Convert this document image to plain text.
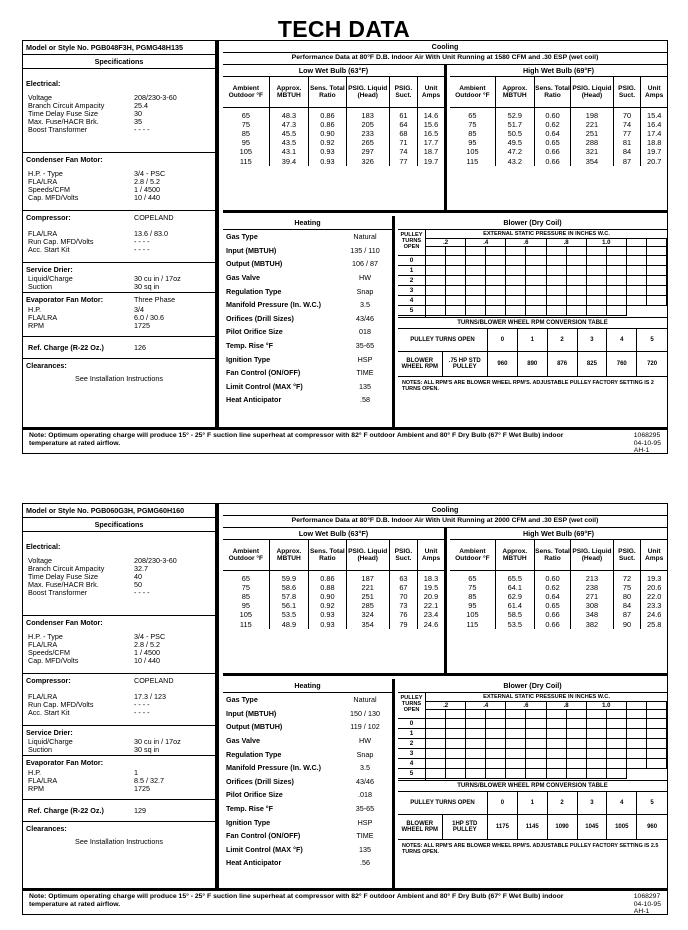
TECH DATA
Model or Style No. PGB048F3H, PGMG48H135
Specifications
Electrical:
Voltage	208/230-3-60
Branch Circuit Ampacity	25.4
Time Delay Fuse Size	30
Max. Fuse/HACR Brk.	35
Boost Transformer	- - - -
Condenser Fan Motor:
H.P. - Type	3/4 - PSC
FLA/LRA	2.8 / 5.2
Speeds/CFM	1 / 4500
Cap. MFD/Volts	10 / 440
Compressor:	COPELAND
FLA/LRA	13.6 / 83.0
Run Cap. MFD/Volts	- - - -
Acc. Start Kit	- - - -
Service Drier:
Liquid/Charge	30 cu in / 17oz
Suction	30 sq in
Evaporator Fan Motor:	Three Phase
H.P.	3/4
FLA/LRA	6.0 / 30.6
RPM	1725
Ref. Charge (R-22 Oz.)	126
Clearances:
See Installation Instructions
Cooling
Performance Data at 80°F D.B. Indoor Air With Unit Running at 1580 CFM and .30 ESP (wet coil)
Low Wet Bulb (63°F)
Ambient Outdoor °F	Approx. MBTUH	Sens. Total Ratio	PSIG. Liquid (Head)	PSIG. Suct.	Unit Amps
65	48.3	0.86	183	61	14.6
75	47.3	0.86	205	64	15.6
85	45.5	0.90	233	68	16.5
95	43.5	0.92	265	71	17.7
105	43.1	0.93	297	74	18.7
115	39.4	0.93	326	77	19.7
High Wet Bulb (69°F)
Ambient Outdoor °F	Approx. MBTUH	Sens. Total Ratio	PSIG. Liquid (Head)	PSIG. Suct.	Unit Amps
65	52.9	0.60	198	70	15.4
75	51.7	0.62	221	74	16.4
85	50.5	0.64	251	77	17.4
95	49.5	0.65	288	81	18.8
105	47.2	0.66	321	84	19.7
115	43.2	0.66	354	87	20.7
Heating
Gas Type	Natural
Input (MBTUH)	135 / 110
Output (MBTUH)	106 / 87
Gas Valve	HW
Regulation Type	Snap
Manifold Pressure (In. W.C.)	3.5
Orifices (Drill Sizes)	43/46
Pilot Orifice Size	018
Temp. Rise °F	35-65
Ignition Type	HSP
Fan Control (ON/OFF)	TIME
Limit Control (MAX °F)	135
Heat Anticipator	.58
Blower (Dry Coil)
PULLEY TURNS OPEN
0
1
2
3
4
5
EXTERNAL STATIC PRESSURE IN INCHES W.C.
.2	.4	.6	.8	1.0
TURNS/BLOWER WHEEL RPM CONVERSION TABLE
PULLEY TURNS OPEN	0	1	2	3	4	5
BLOWER WHEEL RPM
.75 HP STD PULLEY
960	890	876	825	760	720
NOTES: ALL RPM'S ARE BLOWER WHEEL RPM'S. ADJUSTABLE PULLEY FACTORY SETTING IS 2 TURNS OPEN.
Note: Optimum operating charge will produce 15° - 25° F suction line superheat at compressor with 82° F outdoor Ambient and 80° F Dry Bulb (67° F Wet Bulb) indoor temperature at rated airflow.
1068295
04-10-95
AH-1
Model or Style No. PGB060G3H, PGMG60H160
Specifications
Electrical:
Voltage	208/230-3-60
Branch Circuit Ampacity	32.7
Time Delay Fuse Size	40
Max. Fuse/HACR Brk.	50
Boost Transformer	- - - -
Condenser Fan Motor:
H.P. - Type	3/4 - PSC
FLA/LRA	2.8 / 5.2
Speeds/CFM	1 / 4500
Cap. MFD/Volts	10 / 440
Compressor:	COPELAND
FLA/LRA	17.3 / 123
Run Cap. MFD/Volts	- - - -
Acc. Start Kit	- - - -
Service Drier:
Liquid/Charge	30 cu in / 17oz
Suction	30 sq in
Evaporator Fan Motor:
H.P.	1
FLA/LRA	8.5 / 32.7
RPM	1725
Ref. Charge (R-22 Oz.)	129
Clearances:
See Installation Instructions
Cooling
Performance Data at 80°F D.B. Indoor Air With Unit Running at 2000 CFM and .30 ESP (wet coil)
Low Wet Bulb (63°F)
Ambient Outdoor °F	Approx. MBTUH	Sens. Total Ratio	PSIG. Liquid (Head)	PSIG. Suct.	Unit Amps
65	59.9	0.86	187	63	18.3
75	58.6	0.88	221	67	19.5
85	57.8	0.90	251	70	20.9
95	56.1	0.92	285	73	22.1
105	53.5	0.93	324	76	23.4
115	48.9	0.93	354	79	24.6
High Wet Bulb (69°F)
Ambient Outdoor °F	Approx. MBTUH	Sens. Total Ratio	PSIG. Liquid (Head)	PSIG. Suct.	Unit Amps
65	65.5	0.60	213	72	19.3
75	64.1	0.62	238	75	20.6
85	62.9	0.64	271	80	22.0
95	61.4	0.65	308	84	23.3
105	58.5	0.66	348	87	24.6
115	53.5	0.66	382	90	25.8
Heating
Gas Type	Natural
Input (MBTUH)	150 / 130
Output (MBTUH)	119 / 102
Gas Valve	HW
Regulation Type	Snap
Manifold Pressure (In. W.C.)	3.5
Orifices (Drill Sizes)	43/46
Pilot Orifice Size	.018
Temp. Rise °F	35-65
Ignition Type	HSP
Fan Control (ON/OFF)	TIME
Limit Control (MAX °F)	135
Heat Anticipator	.56
Blower (Dry Coil)
PULLEY TURNS OPEN
0
1
2
3
4
5
EXTERNAL STATIC PRESSURE IN INCHES W.C.
.2	.4	.6	.8	1.0
TURNS/BLOWER WHEEL RPM CONVERSION TABLE
PULLEY TURNS OPEN	0	1	2	3	4	5
BLOWER WHEEL RPM
1HP STD PULLEY
1175	1145	1090	1045	1005	960
NOTES: ALL RPM'S ARE BLOWER WHEEL RPM'S. ADJUSTABLE PULLEY FACTORY SETTING IS 2.5 TURNS OPEN.
Note: Optimum operating charge will produce 15° - 25° F suction line superheat at compressor with 82° F outdoor Ambient and 80° F Dry Bulb (67° F Wet Bulb) indoor temperature at rated airflow.
1068297
04-10-95
AH-1
